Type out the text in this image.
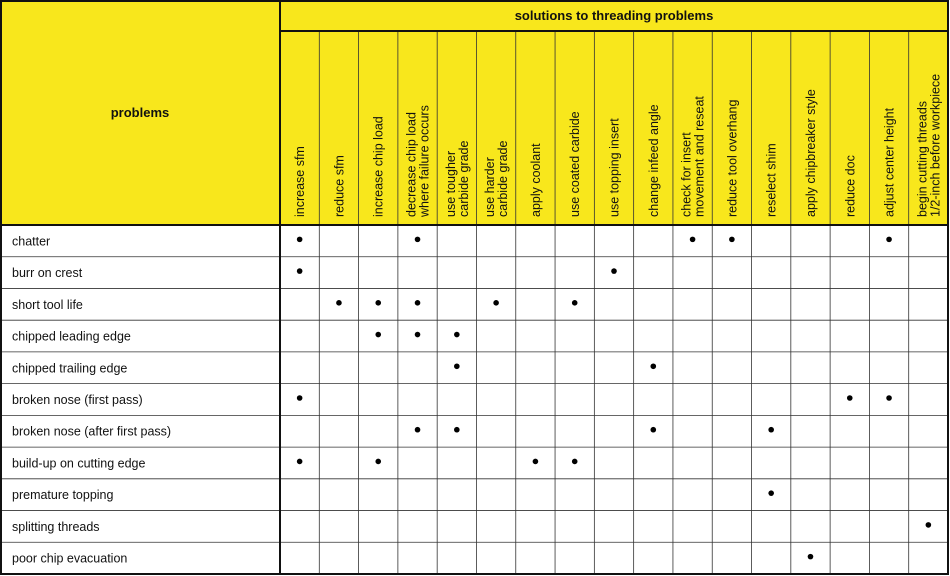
solutions to threading problems
problems
increase sfm reduce sfm increase chip load decrease chip load where failure occurs use tougher carbide grade use harder carbide grade apply coolant use coated carbide use topping insert change infeed angle check for insert movement and reseat reduce tool overhang reselect shim apply chipbreaker style reduce doc adjust center height begin cutting threads 1/2-inch before workpiece
chatter
burr on crest
short tool life
chipped leading edge
chipped trailing edge
broken nose (first pass)
broken nose (after first pass)
build-up on cutting edge
premature topping
splitting threads
poor chip evacuation
